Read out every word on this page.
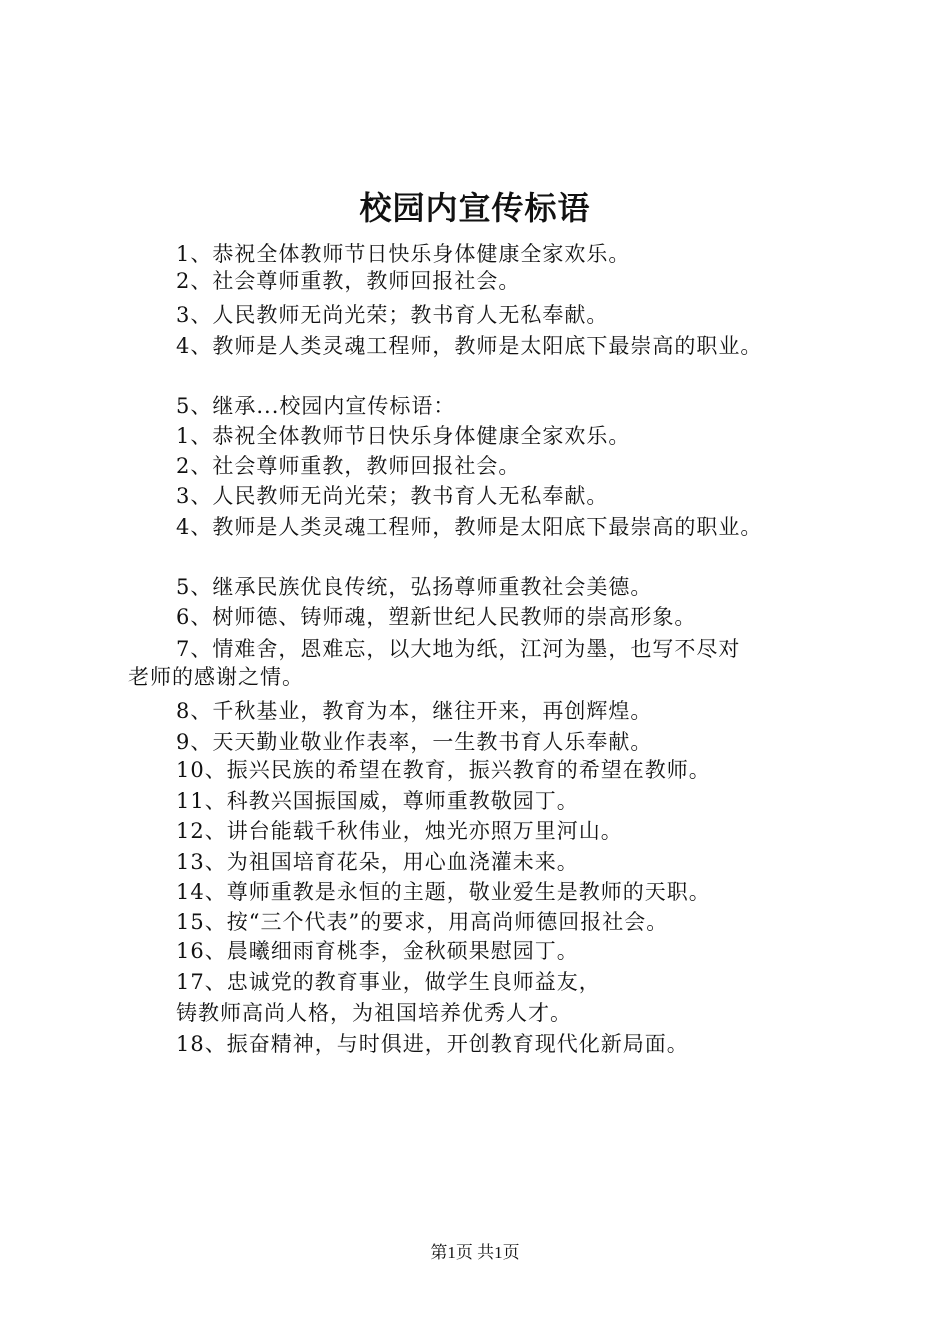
校园内宣传标语
1、恭祝全体教师节日快乐身体健康全家欢乐。
2、社会尊师重教，教师回报社会。
3、人民教师无尚光荣；教书育人无私奉献。
4、教师是人类灵魂工程师，教师是太阳底下最崇高的职业。
5、继承...校园内宣传标语：
1、恭祝全体教师节日快乐身体健康全家欢乐。
2、社会尊师重教，教师回报社会。
3、人民教师无尚光荣；教书育人无私奉献。
4、教师是人类灵魂工程师，教师是太阳底下最崇高的职业。
5、继承民族优良传统，弘扬尊师重教社会美德。
6、树师德、铸师魂，塑新世纪人民教师的崇高形象。
7、情难舍，恩难忘，以大地为纸，江河为墨，也写不尽对
老师的感谢之情。
8、千秋基业，教育为本，继往开来，再创辉煌。
9、天天勤业敬业作表率，一生教书育人乐奉献。
10、振兴民族的希望在教育，振兴教育的希望在教师。
11、科教兴国振国威，尊师重教敬园丁。
12、讲台能载千秋伟业，烛光亦照万里河山。
13、为祖国培育花朵，用心血浇灌未来。
14、尊师重教是永恒的主题，敬业爱生是教师的天职。
15、按“三个代表”的要求，用高尚师德回报社会。
16、晨曦细雨育桃李，金秋硕果慰园丁。
17、忠诚党的教育事业，做学生良师益友，
铸教师高尚人格，为祖国培养优秀人才。
18、振奋精神，与时俱进，开创教育现代化新局面。
第1页 共1页
